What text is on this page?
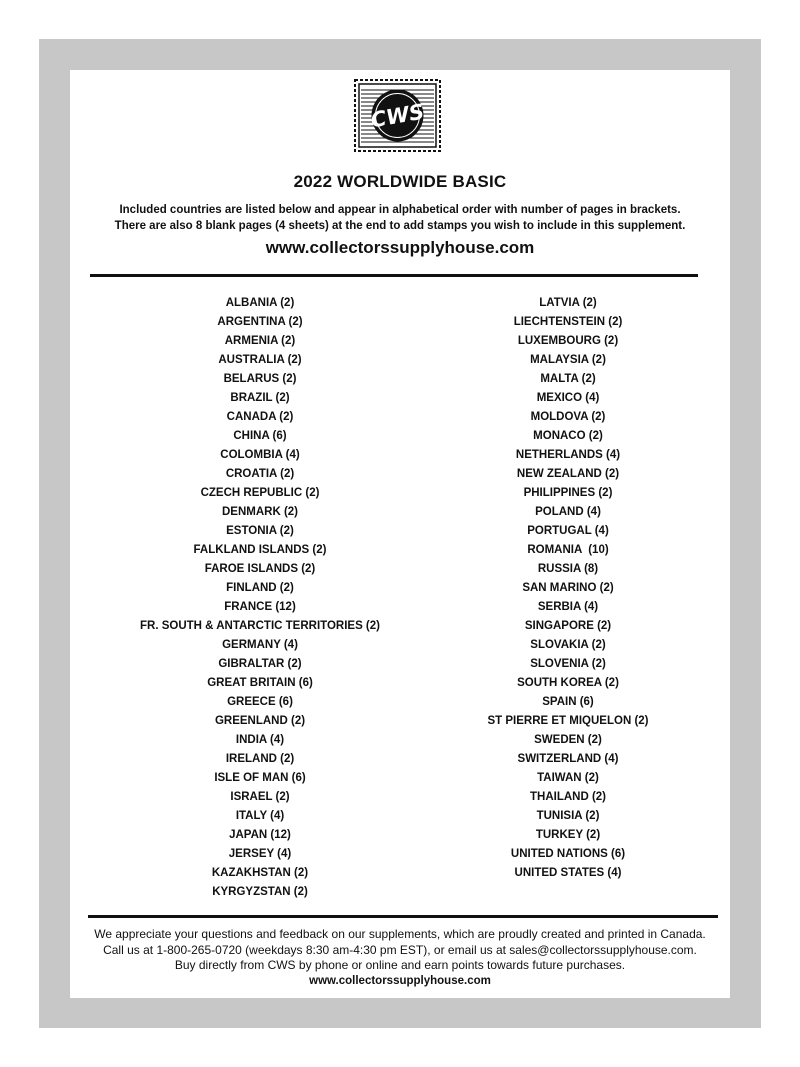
CWS
2022 WORLDWIDE BASIC
Included countries are listed below and appear in alphabetical order with number of pages in brackets.
There are also 8 blank pages (4 sheets) at the end to add stamps you wish to include in this supplement.
www.collectorssupplyhouse.com
ALBANIA (2)
ARGENTINA (2)
ARMENIA (2)
AUSTRALIA (2)
BELARUS (2)
BRAZIL (2)
CANADA (2)
CHINA (6)
COLOMBIA (4)
CROATIA (2)
CZECH REPUBLIC (2)
DENMARK (2)
ESTONIA (2)
FALKLAND ISLANDS (2)
FAROE ISLANDS (2)
FINLAND (2)
FRANCE (12)
FR. SOUTH & ANTARCTIC TERRITORIES (2)
GERMANY (4)
GIBRALTAR (2)
GREAT BRITAIN (6)
GREECE (6)
GREENLAND (2)
INDIA (4)
IRELAND (2)
ISLE OF MAN (6)
ISRAEL (2)
ITALY (4)
JAPAN (12)
JERSEY (4)
KAZAKHSTAN (2)
KYRGYZSTAN (2)
LATVIA (2)
LIECHTENSTEIN (2)
LUXEMBOURG (2)
MALAYSIA (2)
MALTA (2)
MEXICO (4)
MOLDOVA (2)
MONACO (2)
NETHERLANDS (4)
NEW ZEALAND (2)
PHILIPPINES (2)
POLAND (4)
PORTUGAL (4)
ROMANIA  (10)
RUSSIA (8)
SAN MARINO (2)
SERBIA (4)
SINGAPORE (2)
SLOVAKIA (2)
SLOVENIA (2)
SOUTH KOREA (2)
SPAIN (6)
ST PIERRE ET MIQUELON (2)
SWEDEN (2)
SWITZERLAND (4)
TAIWAN (2)
THAILAND (2)
TUNISIA (2)
TURKEY (2)
UNITED NATIONS (6)
UNITED STATES (4)
We appreciate your questions and feedback on our supplements, which are proudly created and printed in Canada.
Call us at 1-800-265-0720 (weekdays 8:30 am-4:30 pm EST), or email us at sales@collectorssupplyhouse.com.
Buy directly from CWS by phone or online and earn points towards future purchases.
www.collectorssupplyhouse.com
